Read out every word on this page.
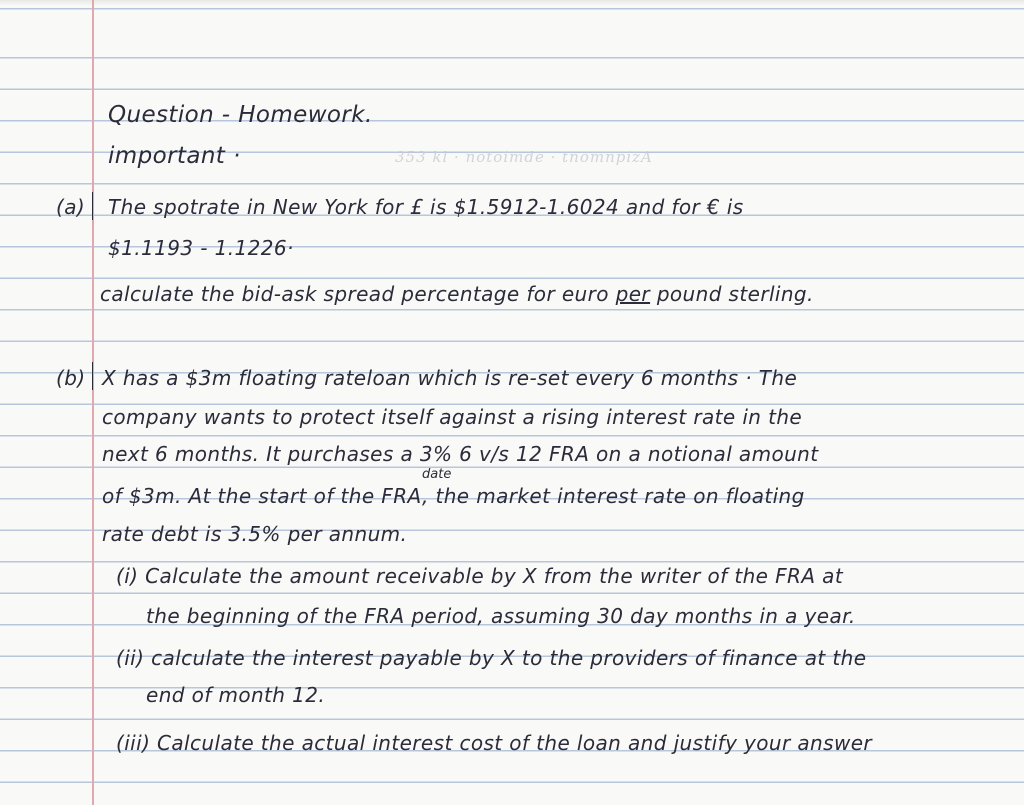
Question - Homework.
important ·	353 kl · notoimde · tnomnpizA
(a) The spotrate in New York for £ is $1.5912-1.6024 and for € is
$1.1193 - 1.1226·
calculate the bid-ask spread percentage for euro per pound sterling.
(b) X has a $3m floating rateloan which is re-set every 6 months · The
company wants to protect itself against a rising interest rate in the
next 6 months. It purchases a 3% 6 v/s 12 FRA on a notional amount
date
of $3m. At the start of the FRA, the market interest rate on floating
rate debt is 3.5% per annum.
(i) Calculate the amount receivable by X from the writer of the FRA at
the beginning of the FRA period, assuming 30 day months in a year.
(ii) calculate the interest payable by X to the providers of finance at the
end of month 12.
(iii) Calculate the actual interest cost of the loan and justify your answer
